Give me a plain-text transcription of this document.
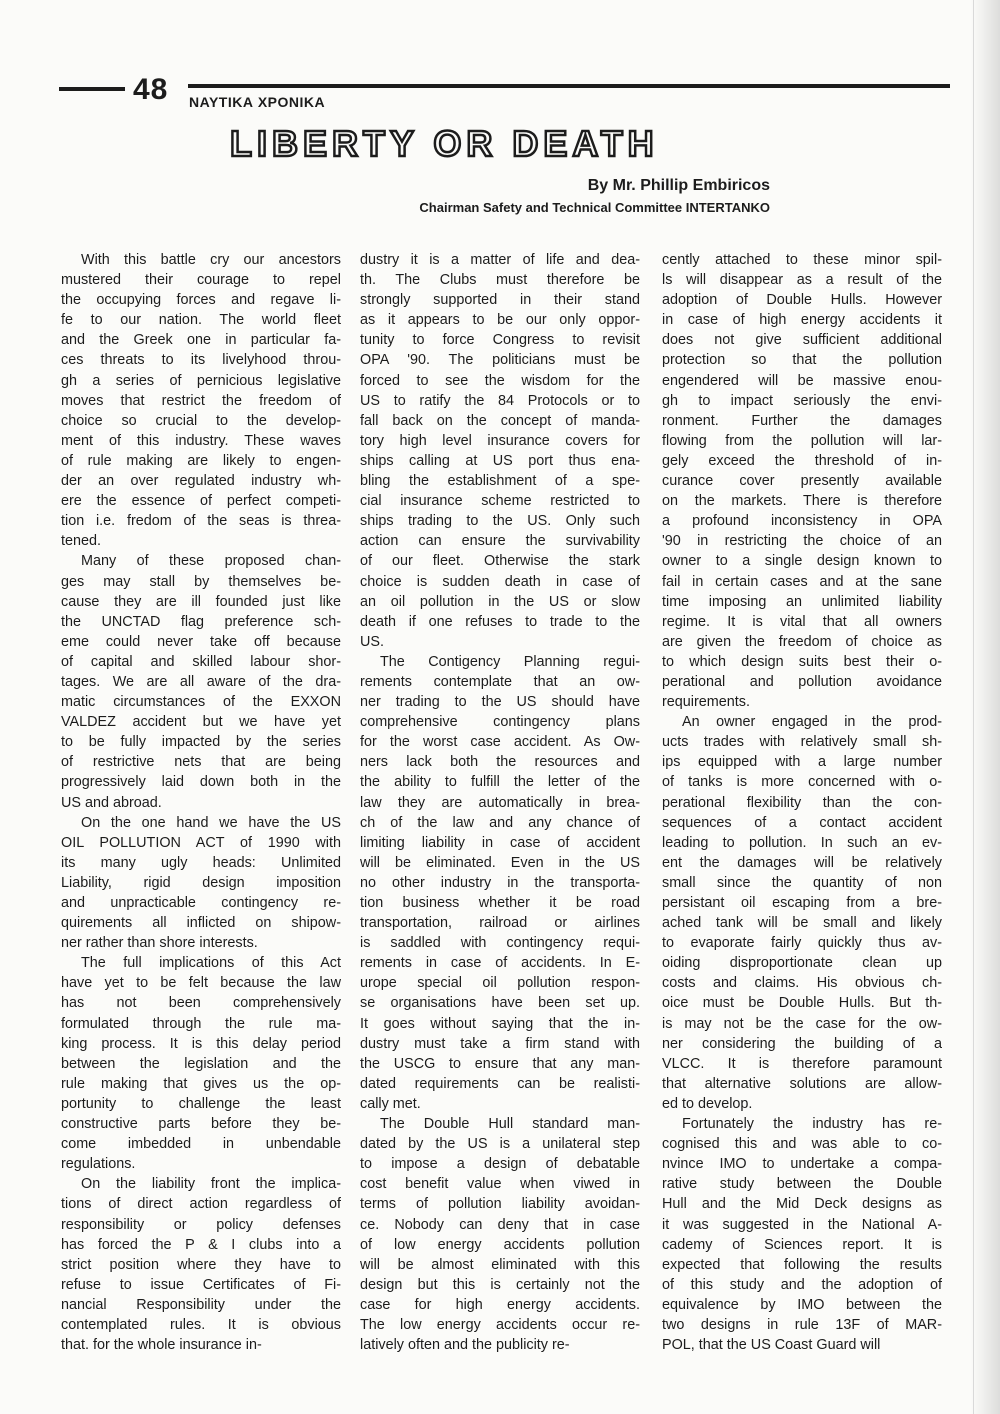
48 ΝΑΥΤΙΚΑ ΧΡΟΝΙΚΑ
LIBERTY OR DEATH
By Mr. Phillip Embiricos
Chairman Safety and Technical Committee INTERTANKO
With this battle cry our ancestors
mustered their courage to repel
the occupying forces and regave li-
fe to our nation. The world fleet
and the Greek one in particular fa-
ces threats to its livelyhood throu-
gh a series of pernicious legislative
moves that restrict the freedom of
choice so crucial to the develop-
ment of this industry. These waves
of rule making are likely to engen-
der an over regulated industry wh-
ere the essence of perfect competi-
tion i.e. fredom of the seas is threa-
tened.
Many of these proposed chan-
ges may stall by themselves be-
cause they are ill founded just like
the UNCTAD flag preference sch-
eme could never take off because
of capital and skilled labour shor-
tages. We are all aware of the dra-
matic circumstances of the EXXON
VALDEZ accident but we have yet
to be fully impacted by the series
of restrictive nets that are being
progressively laid down both in the
US and abroad.
On the one hand we have the US
OIL POLLUTION ACT of 1990 with
its many ugly heads: Unlimited
Liability, rigid design imposition
and unpracticable contingency re-
quirements all inflicted on shipow-
ner rather than shore interests.
The full implications of this Act
have yet to be felt because the law
has not been comprehensively
formulated through the rule ma-
king process. It is this delay period
between the legislation and the
rule making that gives us the op-
portunity to challenge the least
constructive parts before they be-
come imbedded in unbendable
regulations.
On the liability front the implica-
tions of direct action regardless of
responsibility or policy defenses
has forced the P & I clubs into a
strict position where they have to
refuse to issue Certificates of Fi-
nancial Responsibility under the
contemplated rules. It is obvious
that. for the whole insurance in-
dustry it is a matter of life and dea-
th. The Clubs must therefore be
strongly supported in their stand
as it appears to be our only oppor-
tunity to force Congress to revisit
OPA '90. The politicians must be
forced to see the wisdom for the
US to ratify the 84 Protocols or to
fall back on the concept of manda-
tory high level insurance covers for
ships calling at US port thus ena-
bling the establishment of a spe-
cial insurance scheme restricted to
ships trading to the US. Only such
action can ensure the survivability
of our fleet. Otherwise the stark
choice is sudden death in case of
an oil pollution in the US or slow
death if one refuses to trade to the
US.
The Contigency Planning regui-
rements contemplate that an ow-
ner trading to the US should have
comprehensive contingency plans
for the worst case accident. As Ow-
ners lack both the resources and
the ability to fulfill the letter of the
law they are automatically in brea-
ch of the law and any chance of
limiting liability in case of accident
will be eliminated. Even in the US
no other industry in the transporta-
tion business whether it be road
transportation, railroad or airlines
is saddled with contingency requi-
rements in case of accidents. In E-
urope special oil pollution respon-
se organisations have been set up.
It goes without saying that the in-
dustry must take a firm stand with
the USCG to ensure that any man-
dated requirements can be realisti-
cally met.
The Double Hull standard man-
dated by the US is a unilateral step
to impose a design of debatable
cost benefit value when viwed in
terms of pollution liability avoidan-
ce. Nobody can deny that in case
of low energy accidents pollution
will be almost eliminated with this
design but this is certainly not the
case for high energy accidents.
The low energy accidents occur re-
latively often and the publicity re-
cently attached to these minor spil-
ls will disappear as a result of the
adoption of Double Hulls. However
in case of high energy accidents it
does not give sufficient additional
protection so that the pollution
engendered will be massive enou-
gh to impact seriously the envi-
ronment. Further the damages
flowing from the pollution will lar-
gely exceed the threshold of in-
curance cover presently available
on the markets. There is therefore
a profound inconsistency in OPA
'90 in restricting the choice of an
owner to a single design known to
fail in certain cases and at the sane
time imposing an unlimited liability
regime. It is vital that all owners
are given the freedom of choice as
to which design suits best their o-
perational and pollution avoidance
requirements.
An owner engaged in the prod-
ucts trades with relatively small sh-
ips equipped with a large number
of tanks is more concerned with o-
perational flexibility than the con-
sequences of a contact accident
leading to pollution. In such an ev-
ent the damages will be relatively
small since the quantity of non
persistant oil escaping from a bre-
ached tank will be small and likely
to evaporate fairly quickly thus av-
oiding disproportionate clean up
costs and claims. His obvious ch-
oice must be Double Hulls. But th-
is may not be the case for the ow-
ner considering the building of a
VLCC. It is therefore paramount
that alternative solutions are allow-
ed to develop.
Fortunately the industry has re-
cognised this and was able to co-
nvince IMO to undertake a compa-
rative study between the Double
Hull and the Mid Deck designs as
it was suggested in the National A-
cademy of Sciences report. It is
expected that following the results
of this study and the adoption of
equivalence by IMO between the
two designs in rule 13F of MAR-
POL, that the US Coast Guard will
